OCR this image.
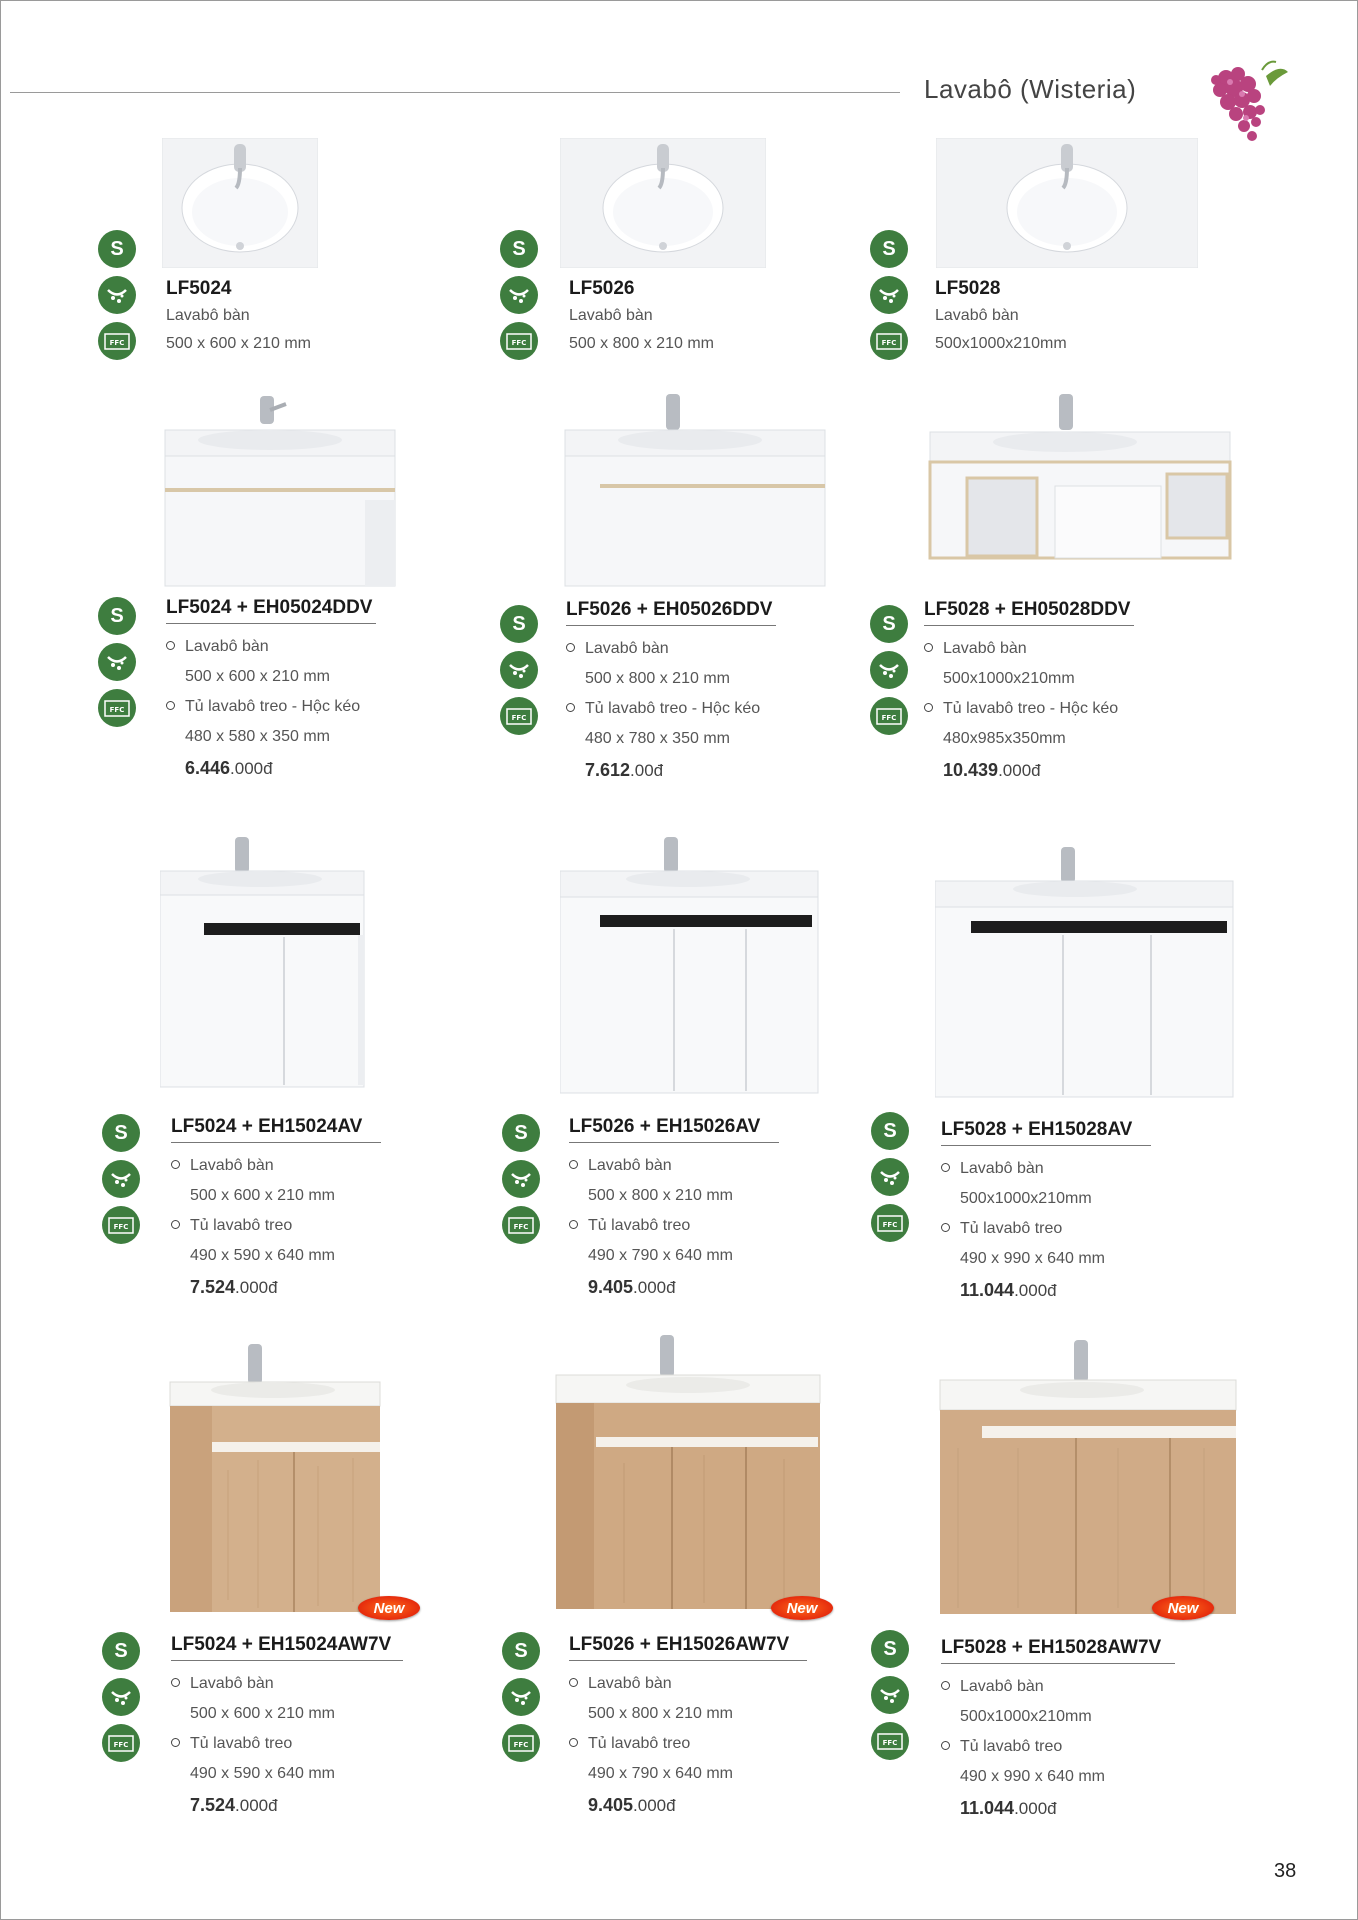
Lavabô (Wisteria)
S
FFC
S
FFC
S
FFC
LF5024
Lavabô bàn
500 x 600 x 210 mm
LF5026
Lavabô bàn
500 x 800 x 210 mm
LF5028
Lavabô bàn
500x1000x210mm
S
FFC
S
FFC
S
FFC
LF5024 + EH05024DDV
Lavabô bàn
500 x 600 x 210 mm
Tủ lavabô treo - Hộc kéo
480 x 580 x 350 mm
6.446.000đ
LF5026 + EH05026DDV
Lavabô bàn
500 x 800 x 210 mm
Tủ lavabô treo - Hộc kéo
480 x 780 x 350 mm
7.612.00đ
LF5028 + EH05028DDV
Lavabô bàn
500x1000x210mm
Tủ lavabô treo - Hộc kéo
480x985x350mm
10.439.000đ
S
FFC
S
FFC
S
FFC
LF5024 + EH15024AV
Lavabô bàn
500 x 600 x 210 mm
Tủ lavabô treo
490 x 590 x 640 mm
7.524.000đ
LF5026 + EH15026AV
Lavabô bàn
500 x 800 x 210 mm
Tủ lavabô treo
490 x 790 x 640 mm
9.405.000đ
LF5028 + EH15028AV
Lavabô bàn
500x1000x210mm
Tủ lavabô treo
490 x 990 x 640 mm
11.044.000đ
New	New	New
S
FFC
S
FFC
S
FFC
LF5024 + EH15024AW7V
Lavabô bàn
500 x 600 x 210 mm
Tủ lavabô treo
490 x 590 x 640 mm
7.524.000đ
LF5026 + EH15026AW7V
Lavabô bàn
500 x 800 x 210 mm
Tủ lavabô treo
490 x 790 x 640 mm
9.405.000đ
LF5028 + EH15028AW7V
Lavabô bàn
500x1000x210mm
Tủ lavabô treo
490 x 990 x 640 mm
11.044.000đ
38
